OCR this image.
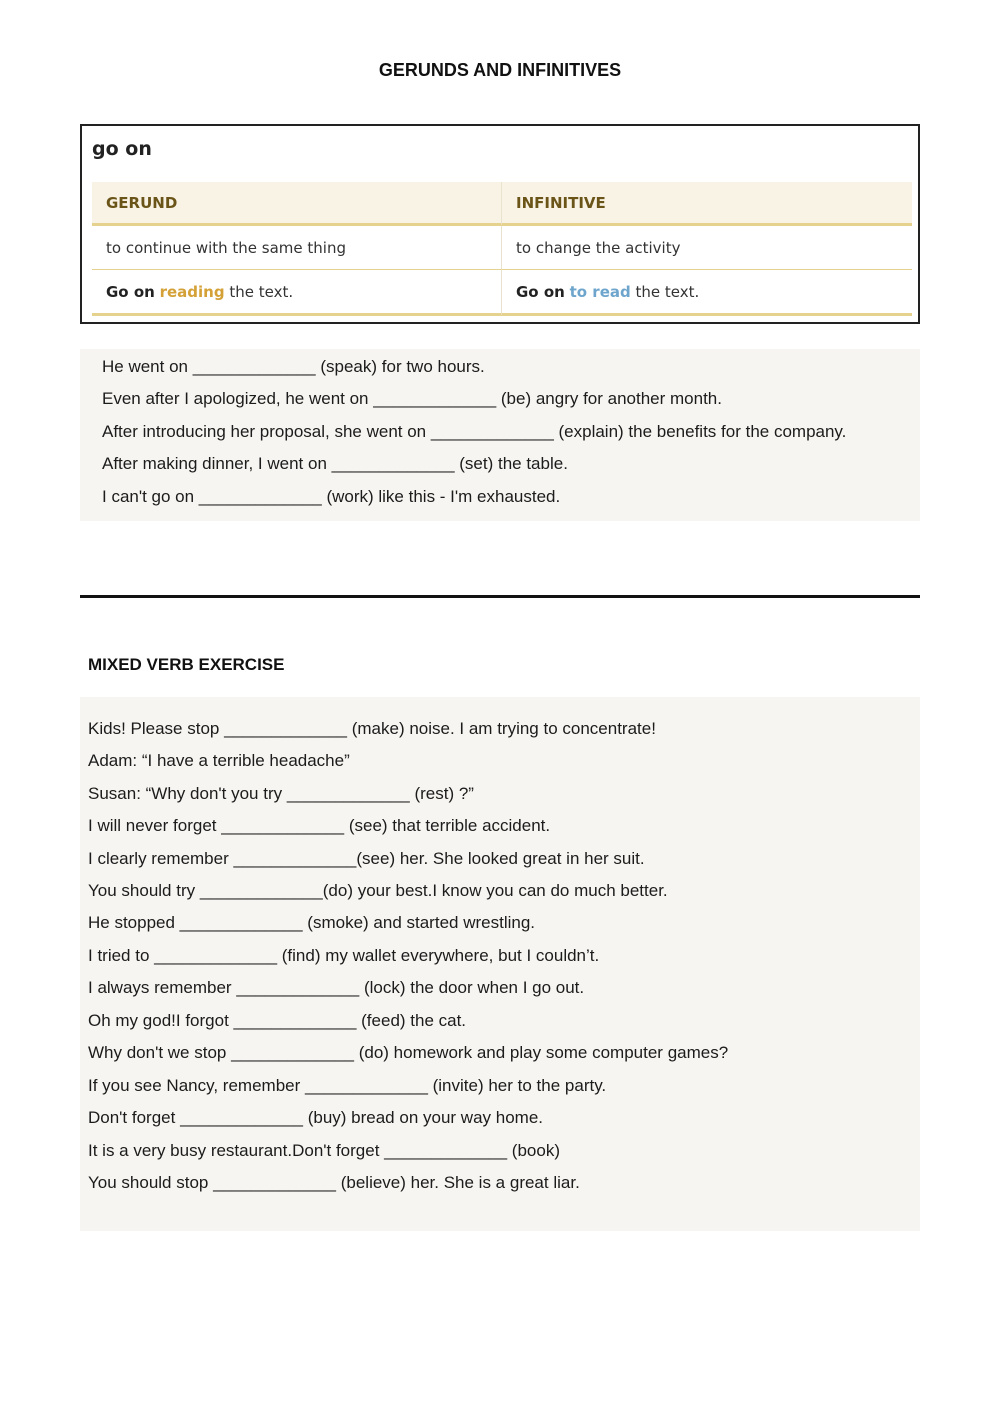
GERUNDS AND INFINITIVES
go on
GERUND	INFINITIVE
to continue with the same thing	to change the activity
Go on
reading
the text.	Go on
to read
the text.
He went on _____________ (speak) for two hours.
Even after I apologized, he went on _____________ (be) angry for another month.
After introducing her proposal, she went on _____________ (explain) the benefits for the company.
After making dinner, I went on _____________ (set) the table.
I can't go on _____________ (work) like this - I'm exhausted.
MIXED VERB EXERCISE
Kids! Please stop _____________ (make) noise. I am trying to concentrate!
Adam: “I have a terrible headache”
Susan: “Why don't you try _____________ (rest) ?”
I will never forget _____________ (see) that terrible accident.
I clearly remember _____________(see) her. She looked great in her suit.
You should try _____________(do) your best.I know you can do much better.
He stopped _____________ (smoke) and started wrestling.
I tried to _____________ (find) my wallet everywhere, but I couldn’t.
I always remember _____________ (lock) the door when I go out.
Oh my god!I forgot _____________ (feed) the cat.
Why don't we stop _____________ (do) homework and play some computer games?
If you see Nancy, remember _____________ (invite) her to the party.
Don't forget _____________ (buy) bread on your way home.
It is a very busy restaurant.Don't forget _____________ (book)
You should stop _____________ (believe) her. She is a great liar.
